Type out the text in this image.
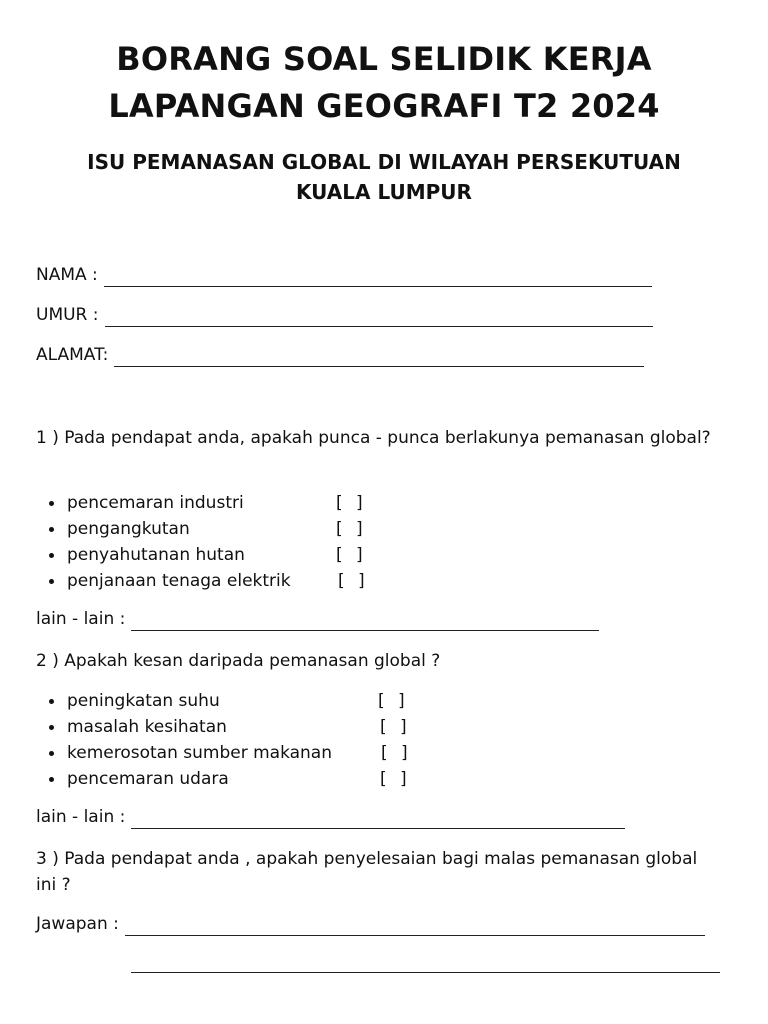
BORANG SOAL SELIDIK KERJA
LAPANGAN GEOGRAFI T2 2024
ISU PEMANASAN GLOBAL DI WILAYAH PERSEKUTUAN
KUALA LUMPUR
NAMA :
UMUR :
ALAMAT:

1 ) Pada pendapat anda, apakah punca - punca berlakunya pemanasan global?

pencemaran industri	[ ]
pengangkutan	[ ]
penyahutanan hutan	[ ]
penjanaan tenaga elektrik	[ ]
lain - lain :

2 ) Apakah kesan daripada pemanasan global ?

peningkatan suhu	[ ]
masalah kesihatan	[ ]
kemerosotan sumber makanan	[ ]
pencemaran udara	[ ]
lain - lain :

3 ) Pada pendapat anda , apakah penyelesaian bagi malas pemanasan global ini ?

Jawapan :
